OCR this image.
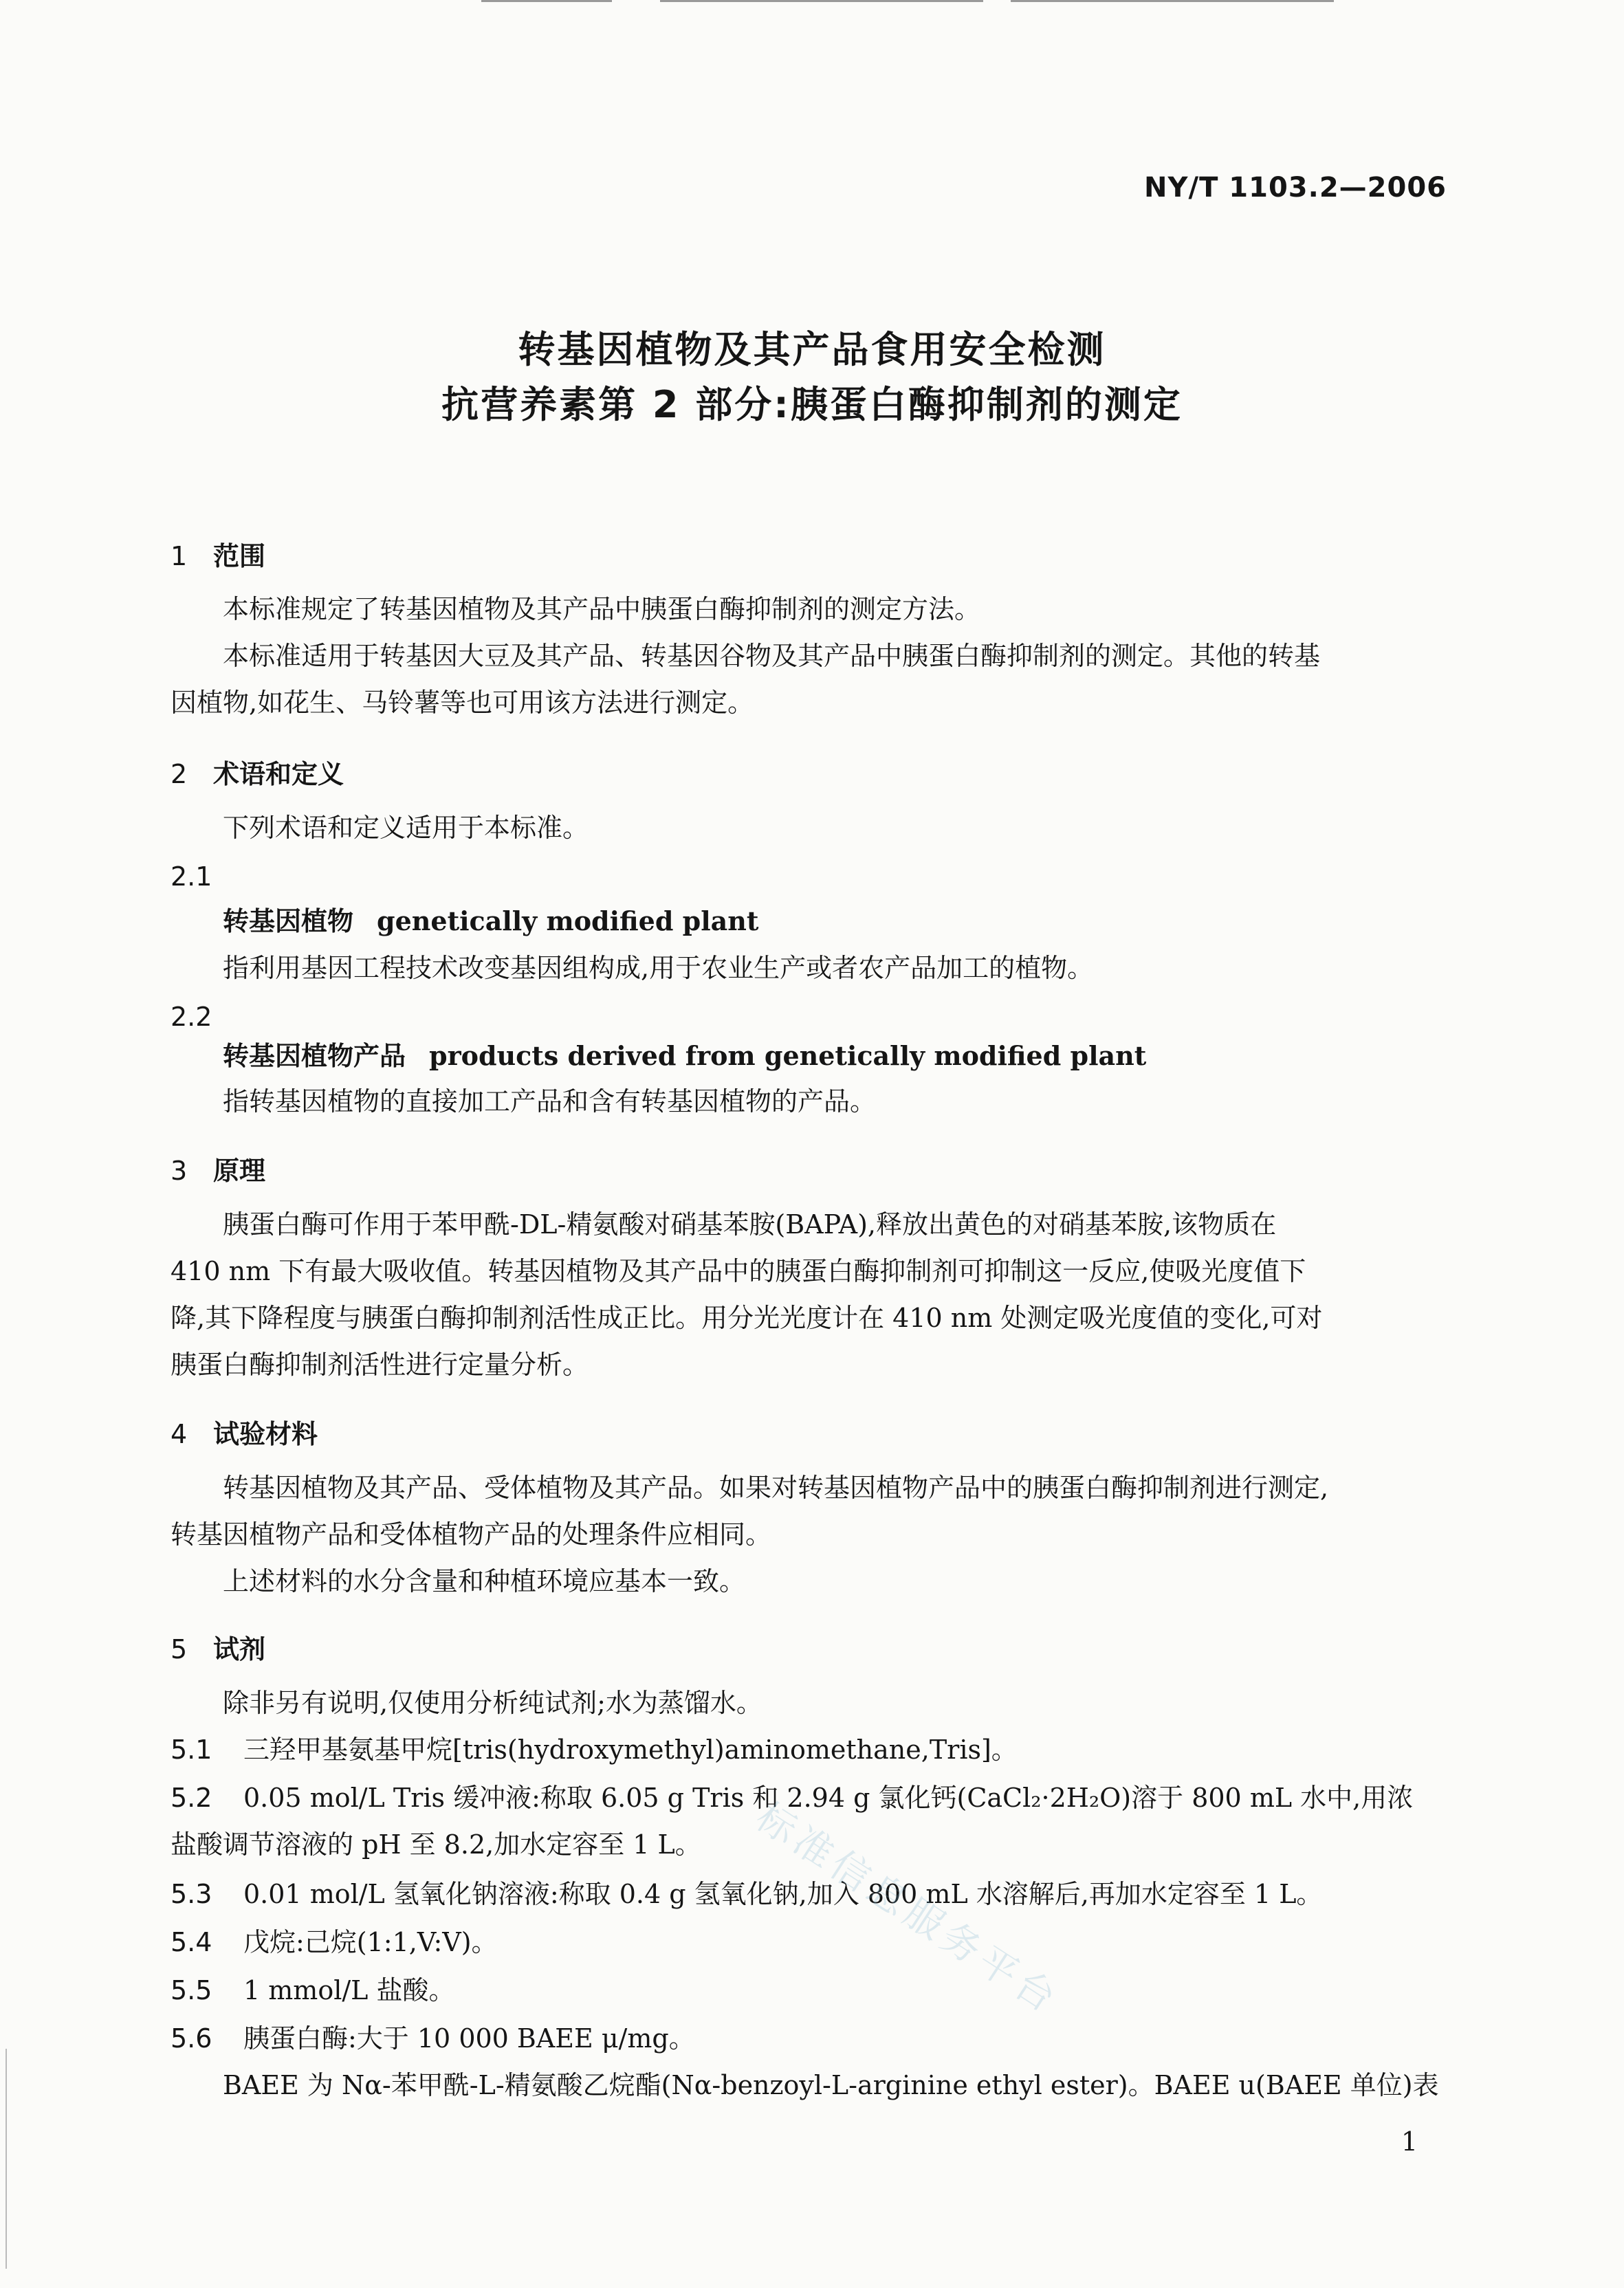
NY/T 1103.2—2006
转基因植物及其产品食用安全检测
抗营养素第 2 部分:胰蛋白酶抑制剂的测定
1 范围
本标准规定了转基因植物及其产品中胰蛋白酶抑制剂的测定方法。
本标准适用于转基因大豆及其产品、转基因谷物及其产品中胰蛋白酶抑制剂的测定。其他的转基
因植物,如花生、马铃薯等也可用该方法进行测定。
2 术语和定义
下列术语和定义适用于本标准。
2.1
转基因植物 genetically modified plant
指利用基因工程技术改变基因组构成,用于农业生产或者农产品加工的植物。
2.2
转基因植物产品 products derived from genetically modified plant
指转基因植物的直接加工产品和含有转基因植物的产品。
3 原理
胰蛋白酶可作用于苯甲酰-DL-精氨酸对硝基苯胺(BAPA),释放出黄色的对硝基苯胺,该物质在
410 nm 下有最大吸收值。转基因植物及其产品中的胰蛋白酶抑制剂可抑制这一反应,使吸光度值下
降,其下降程度与胰蛋白酶抑制剂活性成正比。用分光光度计在 410 nm 处测定吸光度值的变化,可对
胰蛋白酶抑制剂活性进行定量分析。
4 试验材料
转基因植物及其产品、受体植物及其产品。如果对转基因植物产品中的胰蛋白酶抑制剂进行测定,
转基因植物产品和受体植物产品的处理条件应相同。
上述材料的水分含量和种植环境应基本一致。
5 试剂
除非另有说明,仅使用分析纯试剂;水为蒸馏水。
5.1 三羟甲基氨基甲烷[tris(hydroxymethyl)aminomethane,Tris]。
5.2 0.05 mol/L Tris 缓冲液:称取 6.05 g Tris 和 2.94 g 氯化钙(CaCl₂·2H₂O)溶于 800 mL 水中,用浓
盐酸调节溶液的 pH 至 8.2,加水定容至 1 L。
5.3 0.01 mol/L 氢氧化钠溶液:称取 0.4 g 氢氧化钠,加入 800 mL 水溶解后,再加水定容至 1 L。
5.4 戊烷:己烷(1:1,V:V)。
5.5 1 mmol/L 盐酸。
5.6 胰蛋白酶:大于 10 000 BAEE μ/mg。
BAEE 为 Nα-苯甲酰-L-精氨酸乙烷酯(Nα-benzoyl-L-arginine ethyl ester)。BAEE u(BAEE 单位)表
标准信息服务平台
1
